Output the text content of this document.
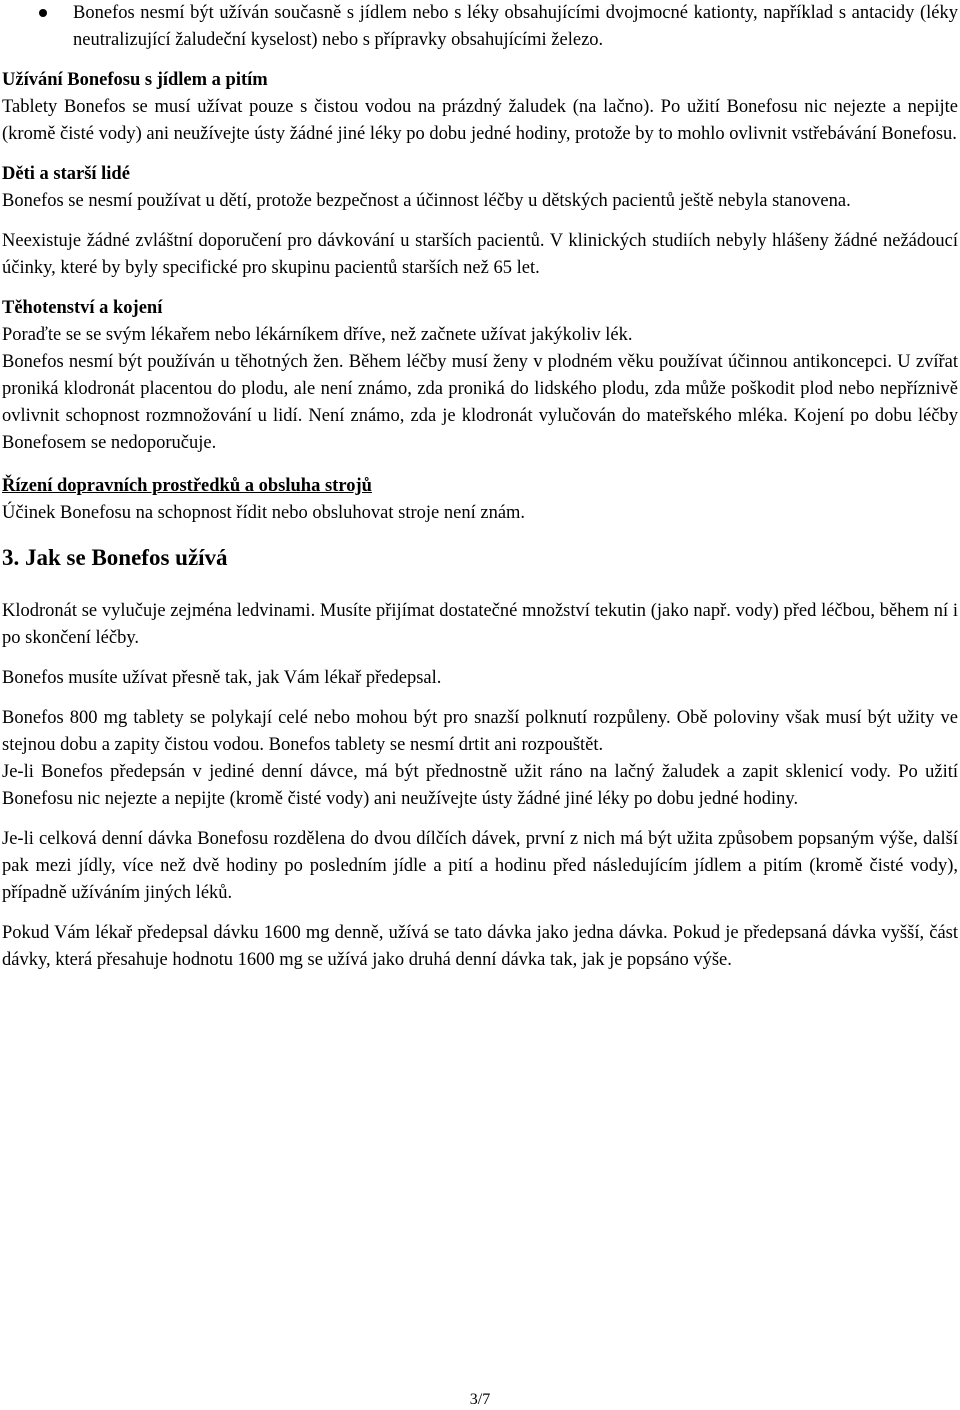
Bonefos nesmí být užíván současně s jídlem nebo s léky obsahujícími dvojmocné kationty, například s antacidy (léky neutralizující žaludeční kyselost) nebo s přípravky obsahujícími železo.

Užívání Bonefosu s jídlem a pitím

Tablety Bonefos se musí užívat pouze s čistou vodou na prázdný žaludek (na lačno). Po užití Bonefosu nic nejezte a nepijte (kromě čisté vody) ani neužívejte ústy žádné jiné léky po dobu jedné hodiny, protože by to mohlo ovlivnit vstřebávání Bonefosu.

Děti a starší lidé

Bonefos se nesmí používat u dětí, protože bezpečnost a účinnost léčby u dětských pacientů ještě nebyla stanovena.

Neexistuje žádné zvláštní doporučení pro dávkování u starších pacientů. V klinických studiích nebyly hlášeny žádné nežádoucí účinky, které by byly specifické pro skupinu pacientů starších než 65 let.

Těhotenství a kojení

Poraďte se se svým lékařem nebo lékárníkem dříve, než začnete užívat jakýkoliv lék.

Bonefos nesmí být používán u těhotných žen. Během léčby musí ženy v plodném věku používat účinnou antikoncepci. U zvířat proniká klodronát placentou do plodu, ale není známo, zda proniká do lidského plodu, zda může poškodit plod nebo nepříznivě ovlivnit schopnost rozmnožování u lidí. Není známo, zda je klodronát vylučován do mateřského mléka. Kojení po dobu léčby Bonefosem se nedoporučuje.

Řízení dopravních prostředků a obsluha strojů

Účinek Bonefosu na schopnost řídit nebo obsluhovat stroje není znám.

3. Jak se Bonefos užívá

Klodronát se vylučuje zejména ledvinami. Musíte přijímat dostatečné množství tekutin (jako např. vody) před léčbou, během ní i po skončení léčby.

Bonefos musíte užívat přesně tak, jak Vám lékař předepsal.

Bonefos 800 mg tablety se polykají celé nebo mohou být pro snazší polknutí rozpůleny. Obě poloviny však musí být užity ve stejnou dobu a zapity čistou vodou. Bonefos tablety se nesmí drtit ani rozpouštět.

Je-li Bonefos předepsán v jediné denní dávce, má být přednostně užit ráno na lačný žaludek a zapit sklenicí vody. Po užití Bonefosu nic nejezte a nepijte (kromě čisté vody) ani neužívejte ústy žádné jiné léky po dobu jedné hodiny.

Je-li celková denní dávka Bonefosu rozdělena do dvou dílčích dávek, první z nich má být užita způsobem popsaným výše, další pak mezi jídly, více než dvě hodiny po posledním jídle a pití a hodinu před následujícím jídlem a pitím (kromě čisté vody), případně užíváním jiných léků.

Pokud Vám lékař předepsal dávku 1600 mg denně, užívá se tato dávka jako jedna dávka. Pokud je předepsaná dávka vyšší, část dávky, která přesahuje hodnotu 1600 mg se užívá jako druhá denní dávka tak, jak je popsáno výše.

3/7
